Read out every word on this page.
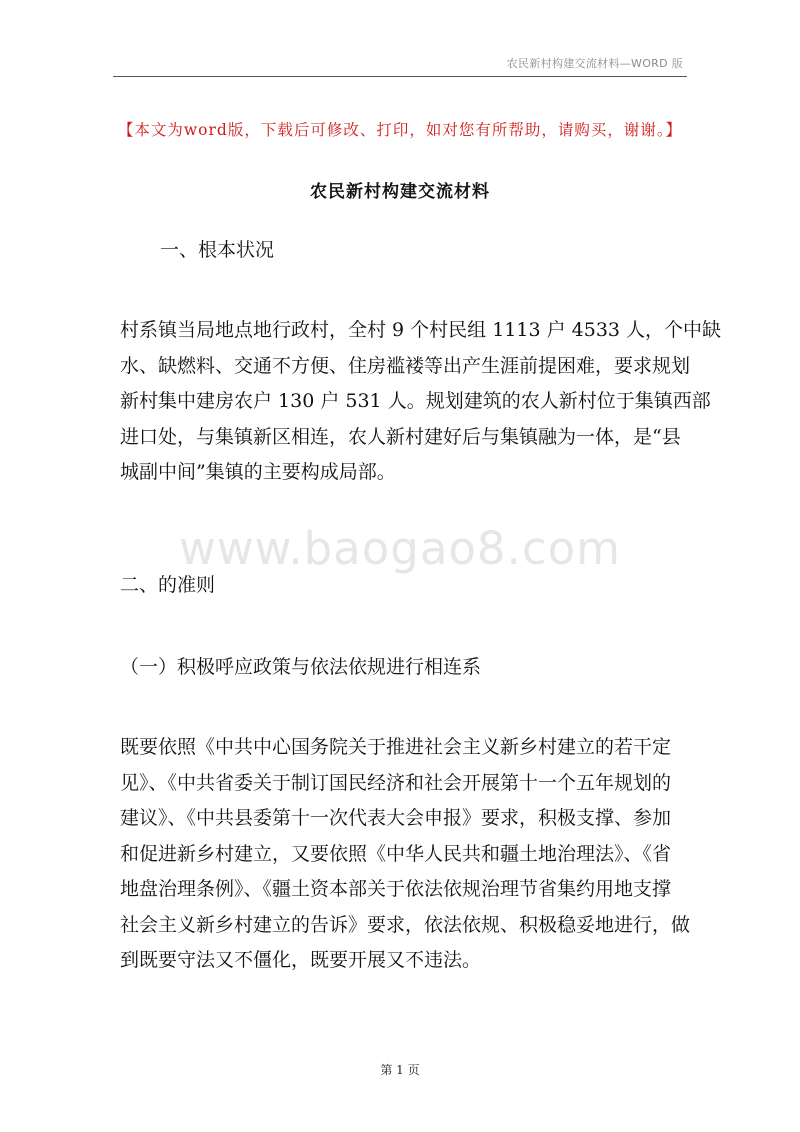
农民新村构建交流材料—WORD 版
【本文为word版，下载后可修改、打印，如对您有所帮助，请购买，谢谢。】
农民新村构建交流材料
一、根本状况
村系镇当局地点地行政村，全村 9 个村民组 1113 户 4533 人，个中缺
水、缺燃料、交通不方便、住房褴褛等出产生涯前提困难，要求规划
新村集中建房农户 130 户 531 人。规划建筑的农人新村位于集镇西部
进口处，与集镇新区相连，农人新村建好后与集镇融为一体，是“县
城副中间”集镇的主要构成局部。
www.baogao8.com
二、的准则
（一）积极呼应政策与依法依规进行相连系
既要依照《中共中心国务院关于推进社会主义新乡村建立的若干定
见》、《中共省委关于制订国民经济和社会开展第十一个五年规划的
建议》、《中共县委第十一次代表大会申报》要求，积极支撑、参加
和促进新乡村建立，又要依照《中华人民共和疆土地治理法》、《省
地盘治理条例》、《疆土资本部关于依法依规治理节省集约用地支撑
社会主义新乡村建立的告诉》要求，依法依规、积极稳妥地进行，做
到既要守法又不僵化，既要开展又不违法。
第 1 页
